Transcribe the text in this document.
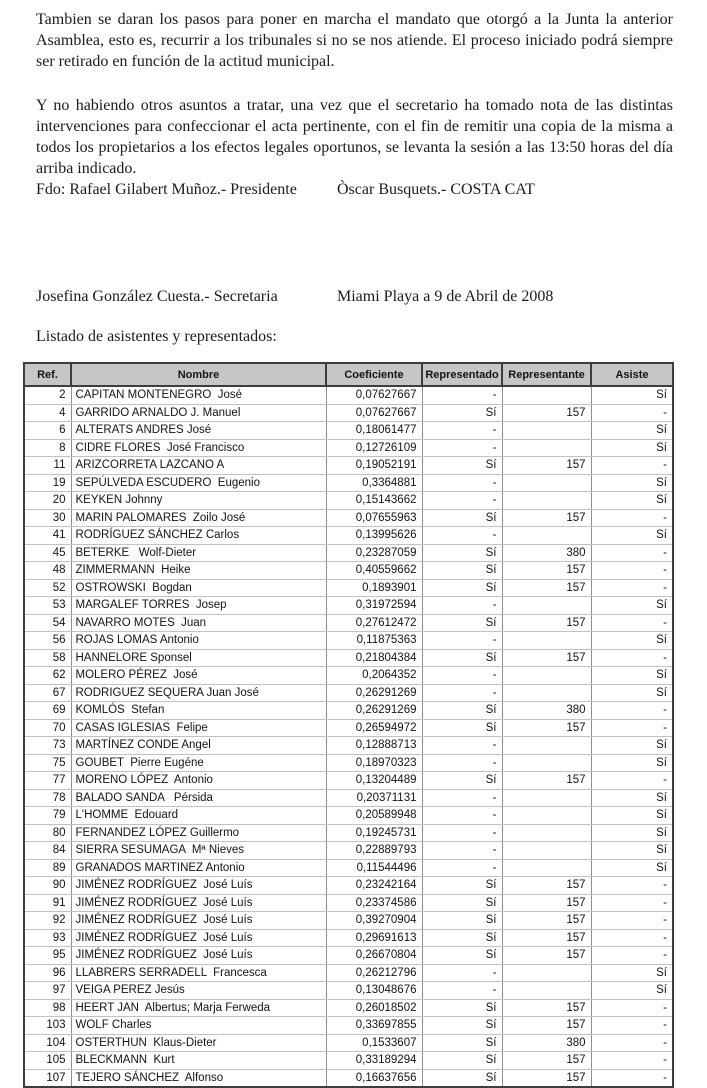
Tambien se daran los pasos para poner en marcha el mandato que otorgó a la Junta la anterior
Asamblea, esto es, recurrir a los tribunales si no se nos atiende. El proceso iniciado podrá siempre
ser retirado en función de la actitud municipal.
Y no habiendo otros asuntos a tratar, una vez que el secretario ha tomado nota de las distintas
intervenciones para confeccionar el acta pertinente, con el fin de remitir una copia de la misma a
todos los propietarios a los efectos legales oportunos, se levanta la sesión a las 13:50 horas del día
arriba indicado.
Fdo: Rafael Gilabert Muñoz.- Presidente	Òscar Busquets.- COSTA CAT
Josefina González Cuesta.- Secretaria	Miami Playa a 9 de Abril de 2008
Listado de asistentes y representados:
Ref.	Nombre	Coeficiente	Representado	Representante	Asiste
2	CAPITAN MONTENEGRO  José	0,07627667	-		Sí
4	GARRIDO ARNALDO J. Manuel	0,07627667	Sí	157	-
6	ALTERATS ANDRES José	0,18061477	-		Sí
8	CIDRE FLORES  José Francisco	0,12726109	-		Sí
11	ARIZCORRETA LAZCANO A	0,19052191	Sí	157	-
19	SEPÚLVEDA ESCUDERO  Eugenio	0,3364881	-		Sí
20	KEYKEN Johnny	0,15143662	-		Sí
30	MARIN PALOMARES  Zoilo José	0,07655963	Sí	157	-
41	RODRÍGUEZ SÁNCHEZ Carlos	0,13995626	-		Sí
45	BETERKE   Wolf-Dieter	0,23287059	Sí	380	-
48	ZIMMERMANN  Heike	0,40559662	Sí	157	-
52	OSTROWSKI  Bogdan	0,1893901	Sí	157	-
53	MARGALEF TORRES  Josep	0,31972594	-		Sí
54	NAVARRO MOTES  Juan	0,27612472	Sí	157	-
56	ROJAS LOMAS Antonio	0,11875363	-		Sí
58	HANNELORE Sponsel	0,21804384	Sí	157	-
62	MOLERO PÉREZ  José	0,2064352	-		Sí
67	RODRIGUEZ SEQUERA Juan José	0,26291269	-		Sí
69	KOMLÓS  Stefan	0,26291269	Sí	380	-
70	CASAS IGLESIAS  Felipe	0,26594972	Sí	157	-
73	MARTÍNEZ CONDE Angel	0,12888713	-		Sí
75	GOUBET  Pierre Eugéne	0,18970323	-		Sí
77	MORENO LÓPEZ  Antonio	0,13204489	Sí	157	-
78	BALADO SANDA   Pérsida	0,20371131	-		Sí
79	L'HOMME  Edouard	0,20589948	-		Sí
80	FERNANDEZ LÓPEZ Guillermo	0,19245731	-		Sí
84	SIERRA SESUMAGA  Mª Nieves	0,22889793	-		Sí
89	GRANADOS MARTINEZ Antonio	0,11544496	-		Sí
90	JIMÉNEZ RODRÍGUEZ  José Luís	0,23242164	Sí	157	-
91	JIMÉNEZ RODRÍGUEZ  José Luís	0,23374586	Sí	157	-
92	JIMÉNEZ RODRÍGUEZ  José Luís	0,39270904	Sí	157	-
93	JIMÉNEZ RODRÍGUEZ  José Luís	0,29691613	Sí	157	-
95	JIMÉNEZ RODRÍGUEZ  José Luís	0,26670804	Sí	157	-
96	LLABRERS SERRADELL  Francesca	0,26212796	-		Sí
97	VEIGA PEREZ Jesús	0,13048676	-		Sí
98	HEERT JAN  Albertus; Marja Ferweda	0,26018502	Sí	157	-
103	WOLF Charles	0,33697855	Sí	157	-
104	OSTERTHUN  Klaus-Dieter	0,1533607	Sí	380	-
105	BLECKMANN  Kurt	0,33189294	Sí	157	-
107	TEJERO SÁNCHEZ  Alfonso	0,16637656	Sí	157	-
